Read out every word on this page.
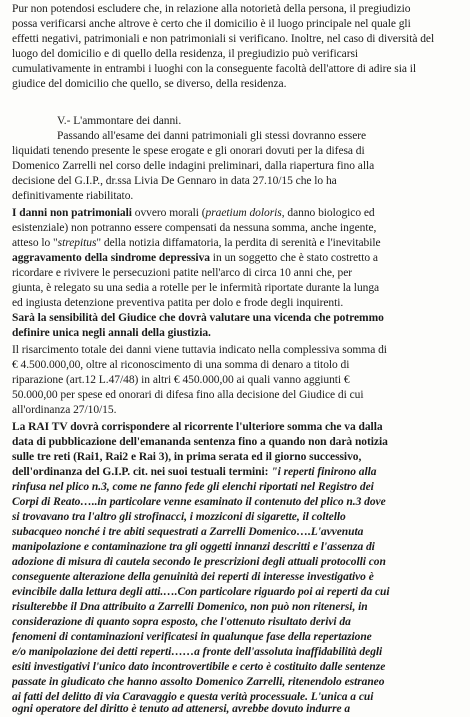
Pur non potendosi escludere che, in relazione alla notorietà della persona, il pregiudizio
possa verificarsi anche altrove è certo che il domicilio è il luogo principale nel quale gli
effetti negativi, patrimoniali e non patrimoniali si verificano. Inoltre, nel caso di diversità del
luogo del domicilio e di quello della residenza, il pregiudizio può verificarsi
cumulativamente in entrambi i luoghi con la conseguente facoltà dell'attore di adire sia il
giudice del domicilio che quello, se diverso, della residenza.
V.- L'ammontare dei danni.
Passando all'esame dei danni patrimoniali gli stessi dovranno essere
liquidati tenendo presente le spese erogate e gli onorari dovuti per la difesa di
Domenico Zarrelli nel corso delle indagini preliminari, dalla riapertura fino alla
decisione del G.I.P., dr.ssa Livia De Gennaro in data 27.10/15 che lo ha
definitivamente riabilitato.
I danni non patrimoniali ovvero morali (praetium doloris, danno biologico ed
esistenziale) non potranno essere compensati da nessuna somma, anche ingente,
atteso lo "strepitus" della notizia diffamatoria, la perdita di serenità e l'inevitabile
aggravamento della sindrome depressiva in un soggetto che è stato costretto a
ricordare e rivivere le persecuzioni patite nell'arco di circa 10 anni che, per
giunta, è relegato su una sedia a rotelle per le infermità riportate durante la lunga
ed ingiusta detenzione preventiva patita per dolo e frode degli inquirenti.
Sarà la sensibilità del Giudice che dovrà valutare una vicenda che potremmo
definire unica negli annali della giustizia.
Il risarcimento totale dei danni viene tuttavia indicato nella complessiva somma di
€ 4.500.000,00, oltre al riconoscimento di una somma di denaro a titolo di
riparazione (art.12 L.47/48) in altri € 450.000,00 ai quali vanno aggiunti €
50.000,00 per spese ed onorari di difesa fino alla decisione del Giudice di cui
all'ordinanza 27/10/15.
La RAI TV dovrà corrispondere al ricorrente l'ulteriore somma che va dalla
data di pubblicazione dell'emananda sentenza fino a quando non darà notizia
sulle tre reti (Rai1, Rai2 e Rai 3), in prima serata ed il giorno successivo,
dell'ordinanza del G.I.P. cit. nei suoi testuali termini: "i reperti finirono alla
rinfusa nel plico n.3, come ne fanno fede gli elenchi riportati nel Registro dei
Corpi di Reato…..in particolare venne esaminato il contenuto del plico n.3 dove
si trovavano tra l'altro gli strofinacci, i mozziconi di sigarette, il coltello
subacqueo nonché i tre abiti sequestrati a Zarrelli Domenico….L'avvenuta
manipolazione e contaminazione tra gli oggetti innanzi descritti e l'assenza di
adozione di misura di cautela secondo le prescrizioni degli attuali protocolli con
conseguente alterazione della genuinità dei reperti di interesse investigativo è
evincibile dalla lettura degli atti.….Con particolare riguardo poi ai reperti da cui
risulterebbe il Dna attribuito a Zarrelli Domenico, non può non ritenersi, in
considerazione di quanto sopra esposto, che l'ottenuto risultato derivi da
fenomeni di contaminazioni verificatesi in qualunque fase della repertazione
e/o manipolazione dei detti reperti……a fronte dell'assoluta inaffidabilità degli
esiti investigativi l'unico dato incontrovertibile e certo è costituito dalle sentenze
passate in giudicato che hanno assolto Domenico Zarrelli, ritenendolo estraneo
ai fatti del delitto di via Caravaggio e questa verità processuale. L'unica a cui
ogni operatore del diritto è tenuto ad attenersi, avrebbe dovuto indurre a
